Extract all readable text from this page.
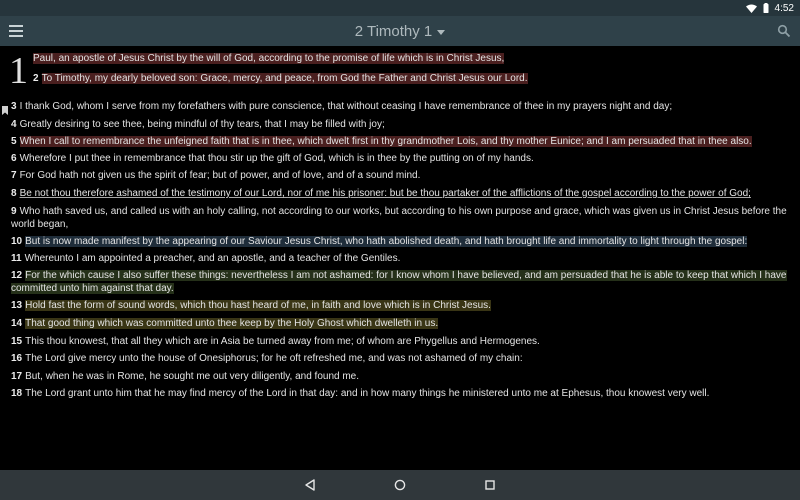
4:52
2 Timothy 1
1 Paul, an apostle of Jesus Christ by the will of God, according to the promise of life which is in Christ Jesus,
2 To Timothy, my dearly beloved son: Grace, mercy, and peace, from God the Father and Christ Jesus our Lord.
3 I thank God, whom I serve from my forefathers with pure conscience, that without ceasing I have remembrance of thee in my prayers night and day;
4 Greatly desiring to see thee, being mindful of thy tears, that I may be filled with joy;
5 When I call to remembrance the unfeigned faith that is in thee, which dwelt first in thy grandmother Lois, and thy mother Eunice; and I am persuaded that in thee also.
6 Wherefore I put thee in remembrance that thou stir up the gift of God, which is in thee by the putting on of my hands.
7 For God hath not given us the spirit of fear; but of power, and of love, and of a sound mind.
8 Be not thou therefore ashamed of the testimony of our Lord, nor of me his prisoner: but be thou partaker of the afflictions of the gospel according to the power of God;
9 Who hath saved us, and called us with an holy calling, not according to our works, but according to his own purpose and grace, which was given us in Christ Jesus before the world began,
10 But is now made manifest by the appearing of our Saviour Jesus Christ, who hath abolished death, and hath brought life and immortality to light through the gospel:
11 Whereunto I am appointed a preacher, and an apostle, and a teacher of the Gentiles.
12 For the which cause I also suffer these things: nevertheless I am not ashamed: for I know whom I have believed, and am persuaded that he is able to keep that which I have committed unto him against that day.
13 Hold fast the form of sound words, which thou hast heard of me, in faith and love which is in Christ Jesus.
14 That good thing which was committed unto thee keep by the Holy Ghost which dwelleth in us.
15 This thou knowest, that all they which are in Asia be turned away from me; of whom are Phygellus and Hermogenes.
16 The Lord give mercy unto the house of Onesiphorus; for he oft refreshed me, and was not ashamed of my chain:
17 But, when he was in Rome, he sought me out very diligently, and found me.
18 The Lord grant unto him that he may find mercy of the Lord in that day: and in how many things he ministered unto me at Ephesus, thou knowest very well.
